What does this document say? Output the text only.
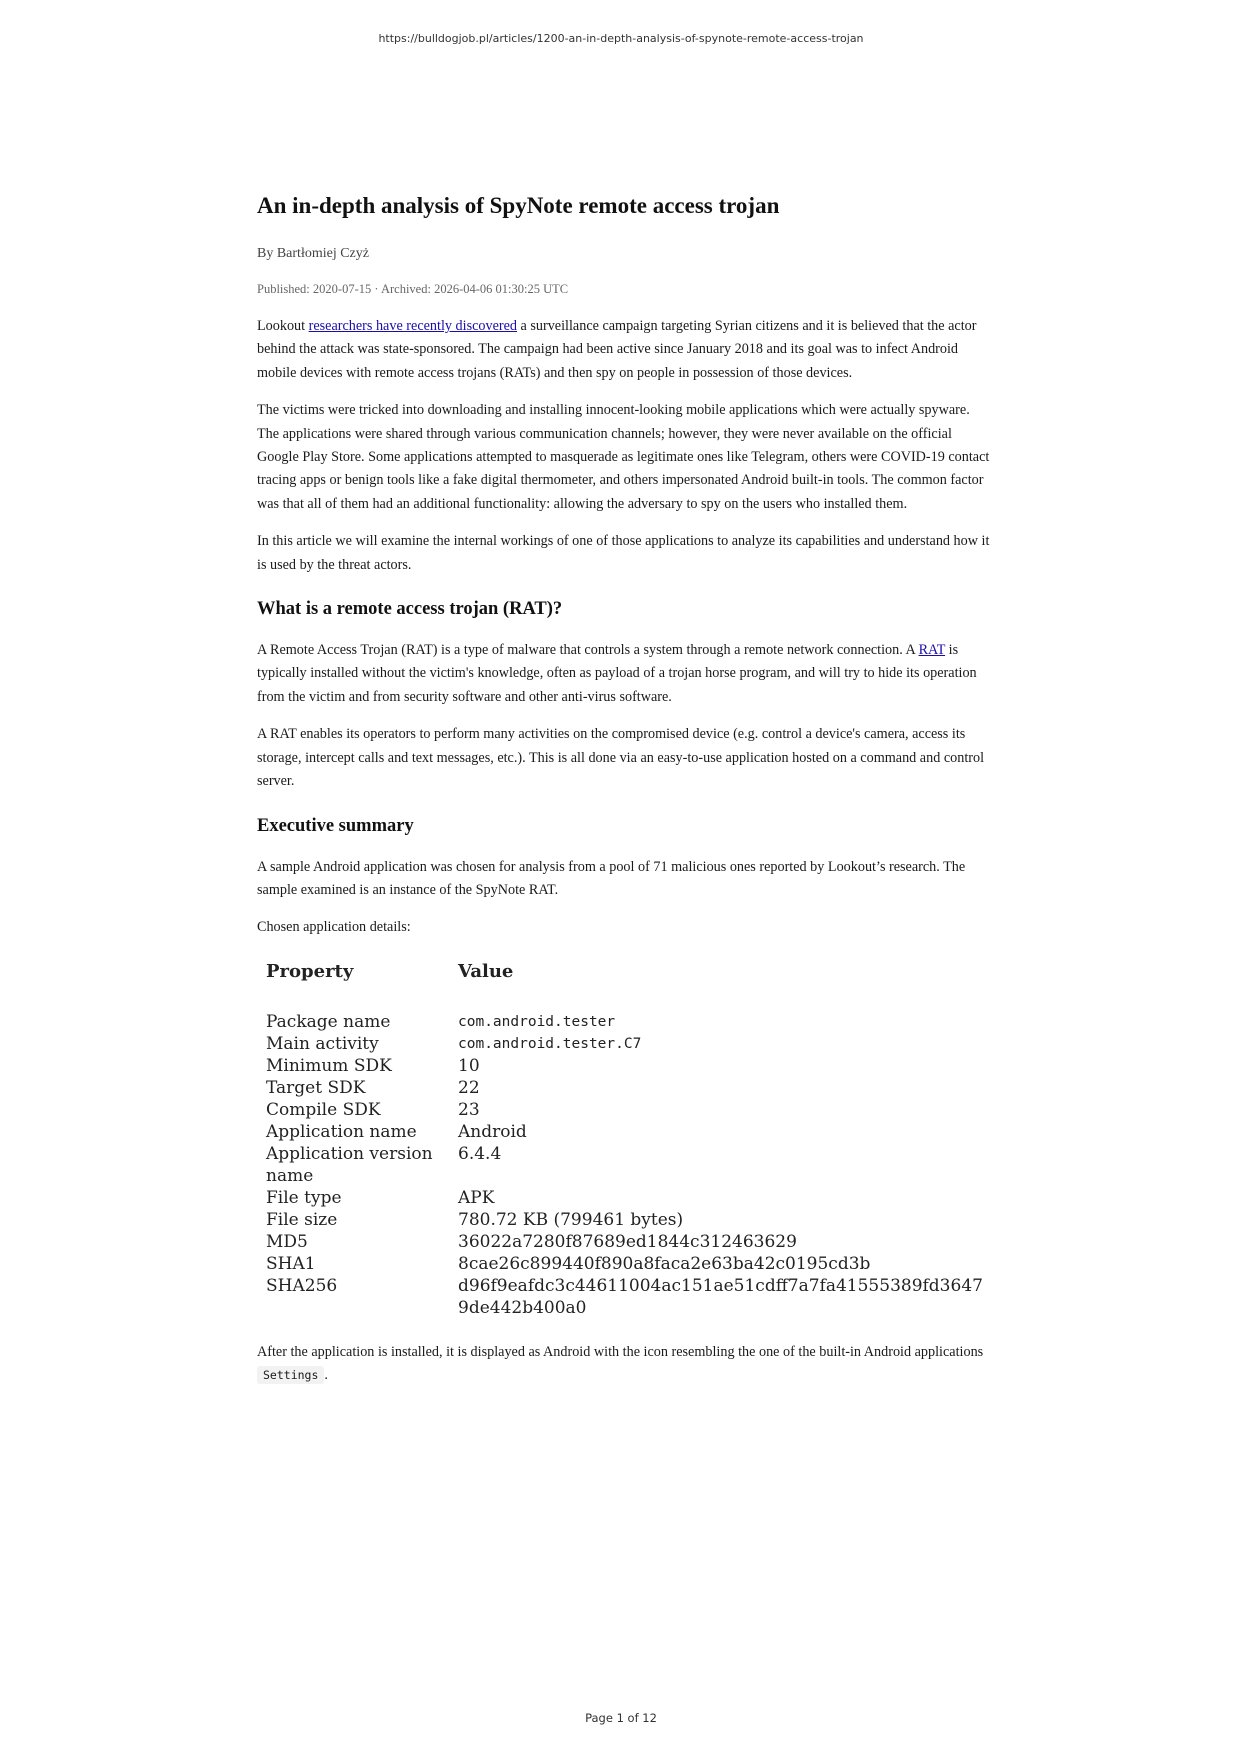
https://bulldogjob.pl/articles/1200-an-in-depth-analysis-of-spynote-remote-access-trojan
An in-depth analysis of SpyNote remote access trojan
By Bartłomiej Czyż
Published: 2020-07-15 · Archived: 2026-04-06 01:30:25 UTC

Lookout researchers have recently discovered a surveillance campaign targeting Syrian citizens and it is believed that the actor behind the attack was state-sponsored. The campaign had been active since January 2018 and its goal was to infect Android mobile devices with remote access trojans (RATs) and then spy on people in possession of those devices.

The victims were tricked into downloading and installing innocent-looking mobile applications which were actually spyware. The applications were shared through various communication channels; however, they were never available on the official Google Play Store. Some applications attempted to masquerade as legitimate ones like Telegram, others were COVID-19 contact tracing apps or benign tools like a fake digital thermometer, and others impersonated Android built-in tools. The common factor was that all of them had an additional functionality: allowing the adversary to spy on the users who installed them.

In this article we will examine the internal workings of one of those applications to analyze its capabilities and understand how it is used by the threat actors.

What is a remote access trojan (RAT)?

A Remote Access Trojan (RAT) is a type of malware that controls a system through a remote network connection. A RAT is typically installed without the victim's knowledge, often as payload of a trojan horse program, and will try to hide its operation from the victim and from security software and other anti-virus software.

A RAT enables its operators to perform many activities on the compromised device (e.g. control a device's camera, access its storage, intercept calls and text messages, etc.). This is all done via an easy-to-use application hosted on a command and control server.

Executive summary

A sample Android application was chosen for analysis from a pool of 71 malicious ones reported by Lookout’s research. The sample examined is an instance of the SpyNote RAT.

Chosen application details:

Property	Value

Package name	com.android.tester
Main activity	com.android.tester.C7
Minimum SDK	10
Target SDK	22
Compile SDK	23
Application name	Android
Application version name	6.4.4
File type	APK
File size	780.72 KB (799461 bytes)
MD5	36022a7280f87689ed1844c312463629
SHA1	8cae26c899440f890a8faca2e63ba42c0195cd3b
SHA256	d96f9eafdc3c44611004ac151ae51cdff7a7fa41555389fd36479de442b400a0

After the application is installed, it is displayed as Android with the icon resembling the one of the built-in Android applications Settings .

Page 1 of 12
